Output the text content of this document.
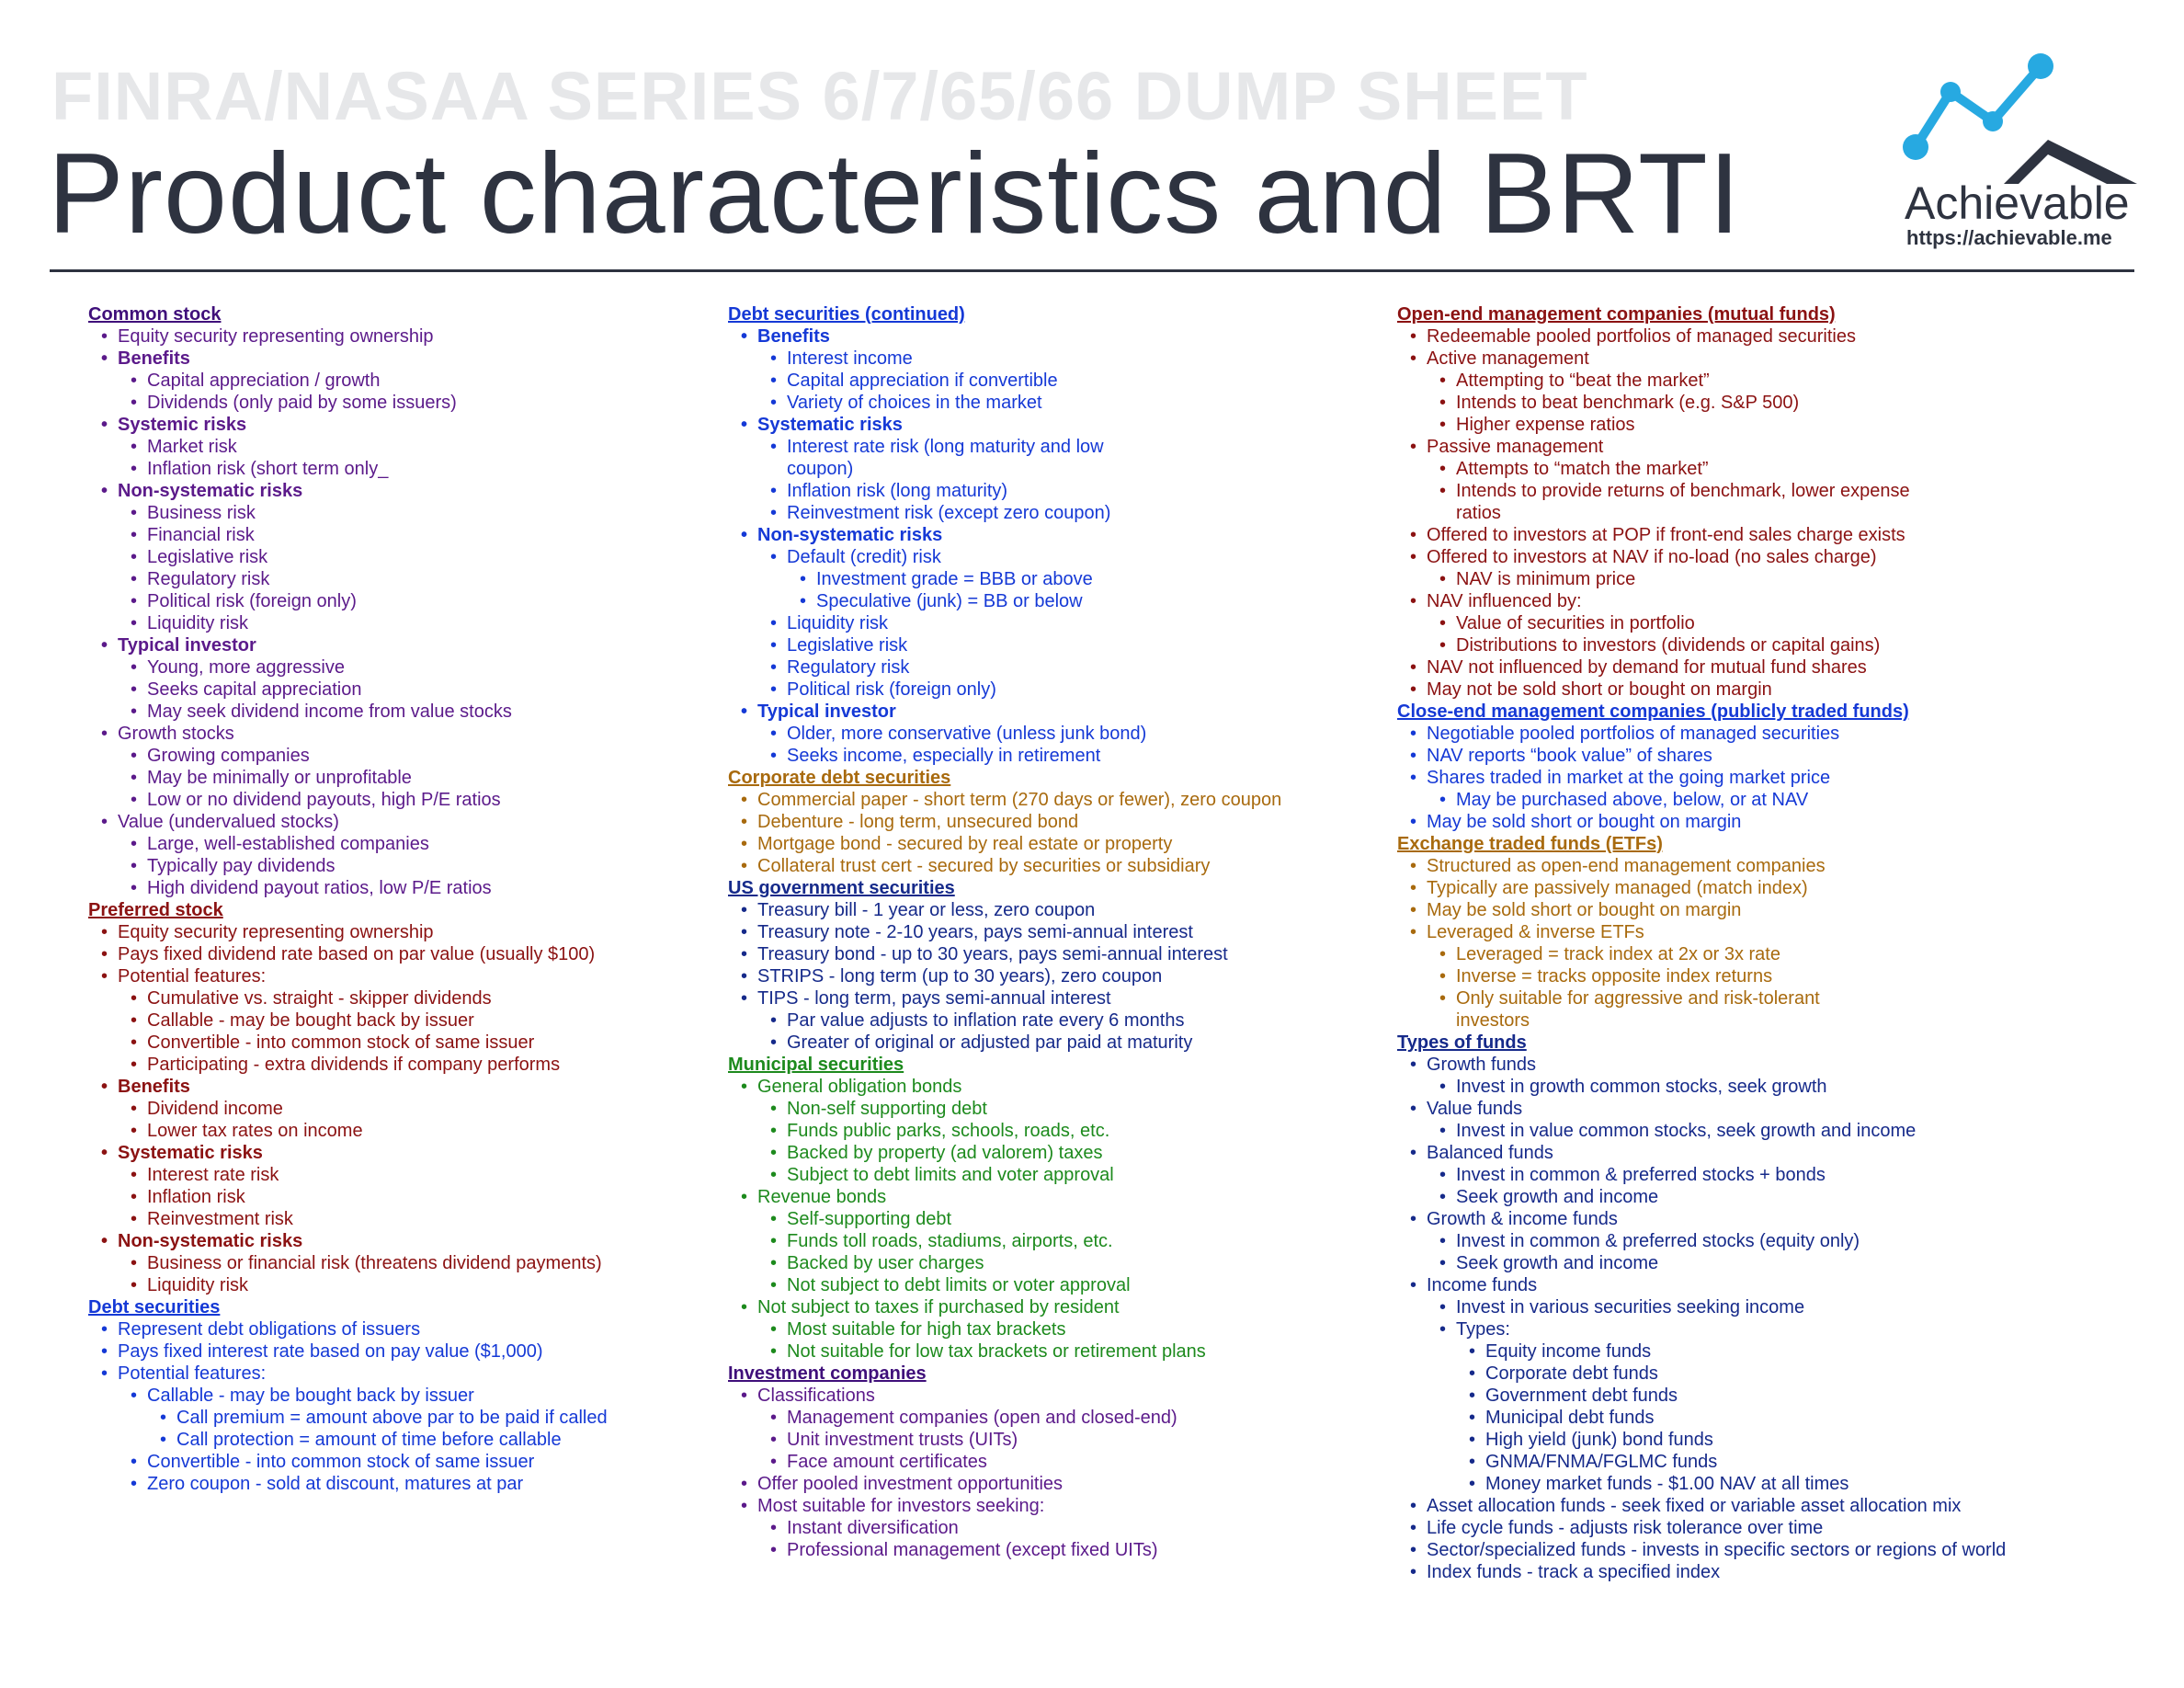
FINRA/NASAA SERIES 6/7/65/66 DUMP SHEET
Product characteristics and BRTI	Achievable
https://achievable.me
Common stock
• Equity security representing ownership
• Benefits
• Capital appreciation / growth
• Dividends (only paid by some issuers)
• Systemic risks
• Market risk
• Inflation risk (short term only_
• Non-systematic risks
• Business risk
• Financial risk
• Legislative risk
• Regulatory risk
• Political risk (foreign only)
• Liquidity risk
• Typical investor
• Young, more aggressive
• Seeks capital appreciation
• May seek dividend income from value stocks
• Growth stocks
• Growing companies
• May be minimally or unprofitable
• Low or no dividend payouts, high P/E ratios
• Value (undervalued stocks)
• Large, well-established companies
• Typically pay dividends
• High dividend payout ratios, low P/E ratios
Preferred stock
• Equity security representing ownership
• Pays fixed dividend rate based on par value (usually $100)
• Potential features:
• Cumulative vs. straight - skipper dividends
• Callable - may be bought back by issuer
• Convertible - into common stock of same issuer
• Participating - extra dividends if company performs
• Benefits
• Dividend income
• Lower tax rates on income
• Systematic risks
• Interest rate risk
• Inflation risk
• Reinvestment risk
• Non-systematic risks
• Business or financial risk (threatens dividend payments)
• Liquidity risk
Debt securities
• Represent debt obligations of issuers
• Pays fixed interest rate based on pay value ($1,000)
• Potential features:
• Callable - may be bought back by issuer
• Call premium = amount above par to be paid if called
• Call protection = amount of time before callable
• Convertible - into common stock of same issuer
• Zero coupon - sold at discount, matures at par
Debt securities (continued)
• Benefits
• Interest income
• Capital appreciation if convertible
• Variety of choices in the market
• Systematic risks
• Interest rate risk (long maturity and low coupon)
• Inflation risk (long maturity)
• Reinvestment risk (except zero coupon)
• Non-systematic risks
• Default (credit) risk
• Investment grade = BBB or above
• Speculative (junk) = BB or below
• Liquidity risk
• Legislative risk
• Regulatory risk
• Political risk (foreign only)
• Typical investor
• Older, more conservative (unless junk bond)
• Seeks income, especially in retirement
Corporate debt securities
• Commercial paper - short term (270 days or fewer), zero coupon
• Debenture - long term, unsecured bond
• Mortgage bond - secured by real estate or property
• Collateral trust cert - secured by securities or subsidiary
US government securities
• Treasury bill - 1 year or less, zero coupon
• Treasury note - 2-10 years, pays semi-annual interest
• Treasury bond - up to 30 years, pays semi-annual interest
• STRIPS - long term (up to 30 years), zero coupon
• TIPS - long term, pays semi-annual interest
• Par value adjusts to inflation rate every 6 months
• Greater of original or adjusted par paid at maturity
Municipal securities
• General obligation bonds
• Non-self supporting debt
• Funds public parks, schools, roads, etc.
• Backed by property (ad valorem) taxes
• Subject to debt limits and voter approval
• Revenue bonds
• Self-supporting debt
• Funds toll roads, stadiums, airports, etc.
• Backed by user charges
• Not subject to debt limits or voter approval
• Not subject to taxes if purchased by resident
• Most suitable for high tax brackets
• Not suitable for low tax brackets or retirement plans
Investment companies
• Classifications
• Management companies (open and closed-end)
• Unit investment trusts (UITs)
• Face amount certificates
• Offer pooled investment opportunities
• Most suitable for investors seeking:
• Instant diversification
• Professional management (except fixed UITs)
Open-end management companies (mutual funds)
• Redeemable pooled portfolios of managed securities
• Active management
• Attempting to “beat the market”
• Intends to beat benchmark (e.g. S&P 500)
• Higher expense ratios
• Passive management
• Attempts to “match the market”
• Intends to provide returns of benchmark, lower expense ratios
• Offered to investors at POP if front-end sales charge exists
• Offered to investors at NAV if no-load (no sales charge)
• NAV is minimum price
• NAV influenced by:
• Value of securities in portfolio
• Distributions to investors (dividends or capital gains)
• NAV not influenced by demand for mutual fund shares
• May not be sold short or bought on margin
Close-end management companies (publicly traded funds)
• Negotiable pooled portfolios of managed securities
• NAV reports “book value” of shares
• Shares traded in market at the going market price
• May be purchased above, below, or at NAV
• May be sold short or bought on margin
Exchange traded funds (ETFs)
• Structured as open-end management companies
• Typically are passively managed (match index)
• May be sold short or bought on margin
• Leveraged & inverse ETFs
• Leveraged = track index at 2x or 3x rate
• Inverse = tracks opposite index returns
• Only suitable for aggressive and risk-tolerant investors
Types of funds
• Growth funds
• Invest in growth common stocks, seek growth
• Value funds
• Invest in value common stocks, seek growth and income
• Balanced funds
• Invest in common & preferred stocks + bonds
• Seek growth and income
• Growth & income funds
• Invest in common & preferred stocks (equity only)
• Seek growth and income
• Income funds
• Invest in various securities seeking income
• Types:
• Equity income funds
• Corporate debt funds
• Government debt funds
• Municipal debt funds
• High yield (junk) bond funds
• GNMA/FNMA/FGLMC funds
• Money market funds - $1.00 NAV at all times
• Asset allocation funds - seek fixed or variable asset allocation mix
• Life cycle funds - adjusts risk tolerance over time
• Sector/specialized funds - invests in specific sectors or regions of world
• Index funds - track a specified index
